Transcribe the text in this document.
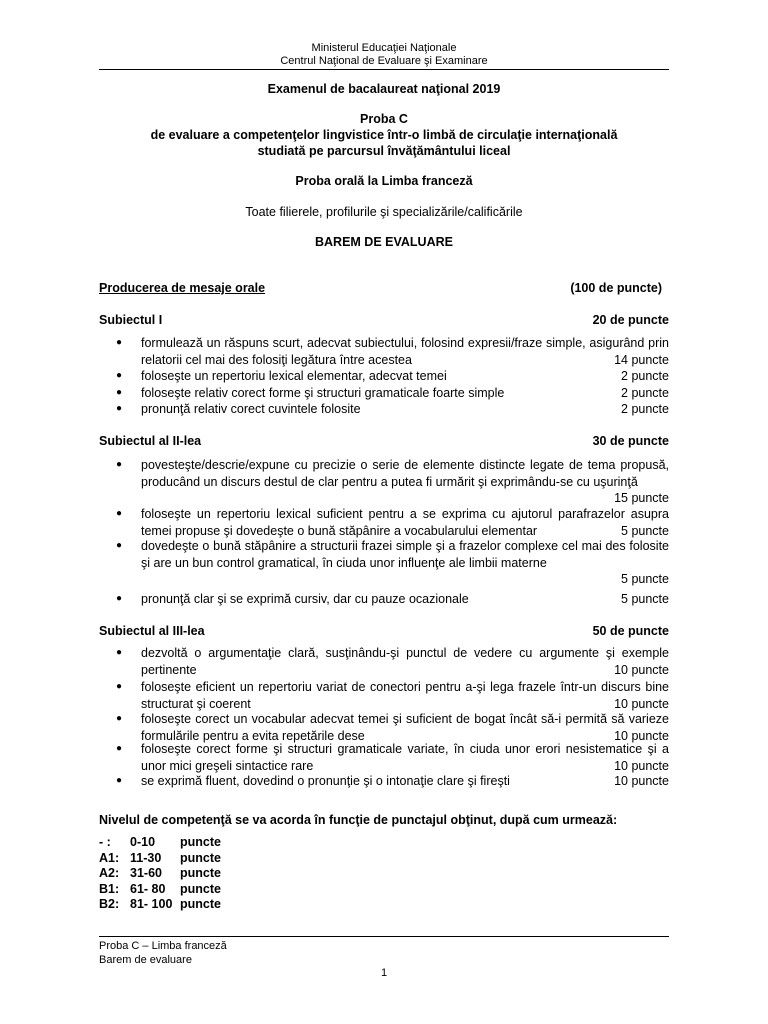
Ministerul Educaţiei Naţionale
Centrul Naţional de Evaluare şi Examinare
Examenul de bacalaureat naţional 2019
Proba C
de evaluare a competenţelor lingvistice într-o limbă de circulaţie internaţională
studiată pe parcursul învăţământului liceal
Proba orală la Limba franceză
Toate filierele, profilurile şi specializările/calificările
BAREM DE EVALUARE
Producerea de mesaje orale	(100 de puncte)
Subiectul I	20 de puncte
● formulează un răspuns scurt, adecvat subiectului, folosind expresii/fraze simple, asigurând prin relatorii cel mai des folosiţi legătura între acestea	14 puncte
● foloseşte un repertoriu lexical elementar, adecvat temei	2 puncte
● foloseşte relativ corect forme şi structuri gramaticale foarte simple	2 puncte
● pronunţă relativ corect cuvintele folosite	2 puncte
Subiectul al II-lea	30 de puncte
● povesteşte/descrie/expune cu precizie o serie de elemente distincte legate de tema propusă, producând un discurs destul de clar pentru a putea fi urmărit şi exprimându-se cu uşurinţă
15 puncte
● foloseşte un repertoriu lexical suficient pentru a se exprima cu ajutorul parafrazelor asupra temei propuse şi dovedeşte o bună stăpânire a vocabularului elementar	5 puncte
● dovedeşte o bună stăpânire a structurii frazei simple şi a frazelor complexe cel mai des folosite şi are un bun control gramatical, în ciuda unor influenţe ale limbii materne

5 puncte
● pronunţă clar şi se exprimă cursiv, dar cu pauze ocazionale	5 puncte
Subiectul al III-lea	50 de puncte
● dezvoltă o argumentaţie clară, susţinându-şi punctul de vedere cu argumente şi exemple pertinente	10 puncte
● foloseşte eficient un repertoriu variat de conectori pentru a-şi lega frazele într-un discurs bine structurat şi coerent	10 puncte
● foloseşte corect un vocabular adecvat temei şi suficient de bogat încât să-i permită să varieze formulările pentru a evita repetările dese	10 puncte
● foloseşte corect forme şi structuri gramaticale variate, în ciuda unor erori nesistematice şi a unor mici greşeli sintactice rare	10 puncte
● se exprimă fluent, dovedind o pronunţie şi o intonaţie clare şi fireşti	10 puncte
Nivelul de competenţă se va acorda în funcţie de punctajul obţinut, după cum urmează:
- :	0-10	puncte
A1: 11-30	puncte
A2: 31-60	puncte
B1: 61- 80	puncte
B2: 81- 100 puncte
Proba C – Limba franceză
Barem de evaluare
1
